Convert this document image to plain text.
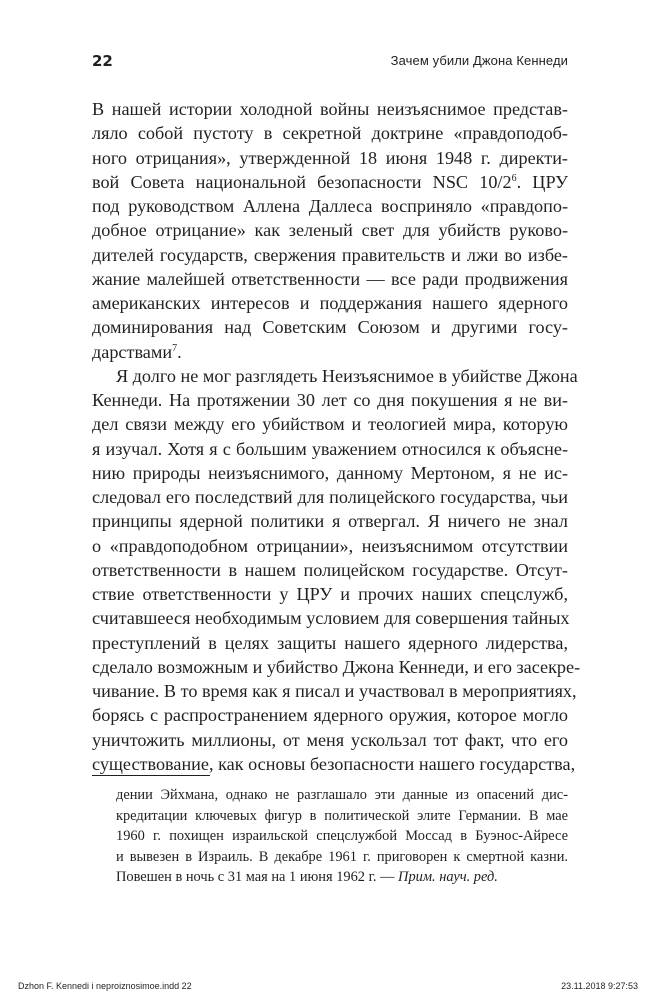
22	Зачем убили Джона Кеннеди
В нашей истории холодной войны неизъяснимое представ-
ляло собой пустоту в секретной доктрине «правдоподоб-
ного отрицания», утвержденной 18 июня 1948 г. директи-
вой Совета национальной безопасности NSC 10/2$^6$. ЦРУ
под руководством Аллена Даллеса восприняло «правдопо-
добное отрицание» как зеленый свет для убийств руково-
дителей государств, свержения правительств и лжи во избе-
жание малейшей ответственности — все ради продвижения
американских интересов и поддержания нашего ядерного
доминирования над Советским Союзом и другими госу-
дарствами$^7$.
Я долго не мог разглядеть Неизъяснимое в убийстве Джона
Кеннеди. На протяжении 30 лет со дня покушения я не ви-
дел связи между его убийством и теологией мира, которую
я изучал. Хотя я с большим уважением относился к объясне-
нию природы неизъяснимого, данному Мертоном, я не ис-
следовал его последствий для полицейского государства, чьи
принципы ядерной политики я отвергал. Я ничего не знал
о «правдоподобном отрицании», неизъяснимом отсутствии
ответственности в нашем полицейском государстве. Отсут-
ствие ответственности у ЦРУ и прочих наших спецслужб,
считавшееся необходимым условием для совершения тайных
преступлений в целях защиты нашего ядерного лидерства,
сделало возможным и убийство Джона Кеннеди, и его засекре-
чивание. В то время как я писал и участвовал в мероприятиях,
борясь с распространением ядерного оружия, которое могло
уничтожить миллионы, от меня ускользал тот факт, что его
существование, как основы безопасности нашего государства,
дении Эйхмана, однако не разглашало эти данные из опасений дис-
кредитации ключевых фигур в политической элите Германии. В мае
1960 г. похищен израильской спецслужбой Моссад в Буэнос-Айресе
и вывезен в Израиль. В декабре 1961 г. приговорен к смертной казни.
Повешен в ночь с 31 мая на 1 июня 1962 г. — Прим. науч. ред.
Dzhon F. Kennedi i neproiznosimoe.indd 22	23.11.2018 9:27:53
